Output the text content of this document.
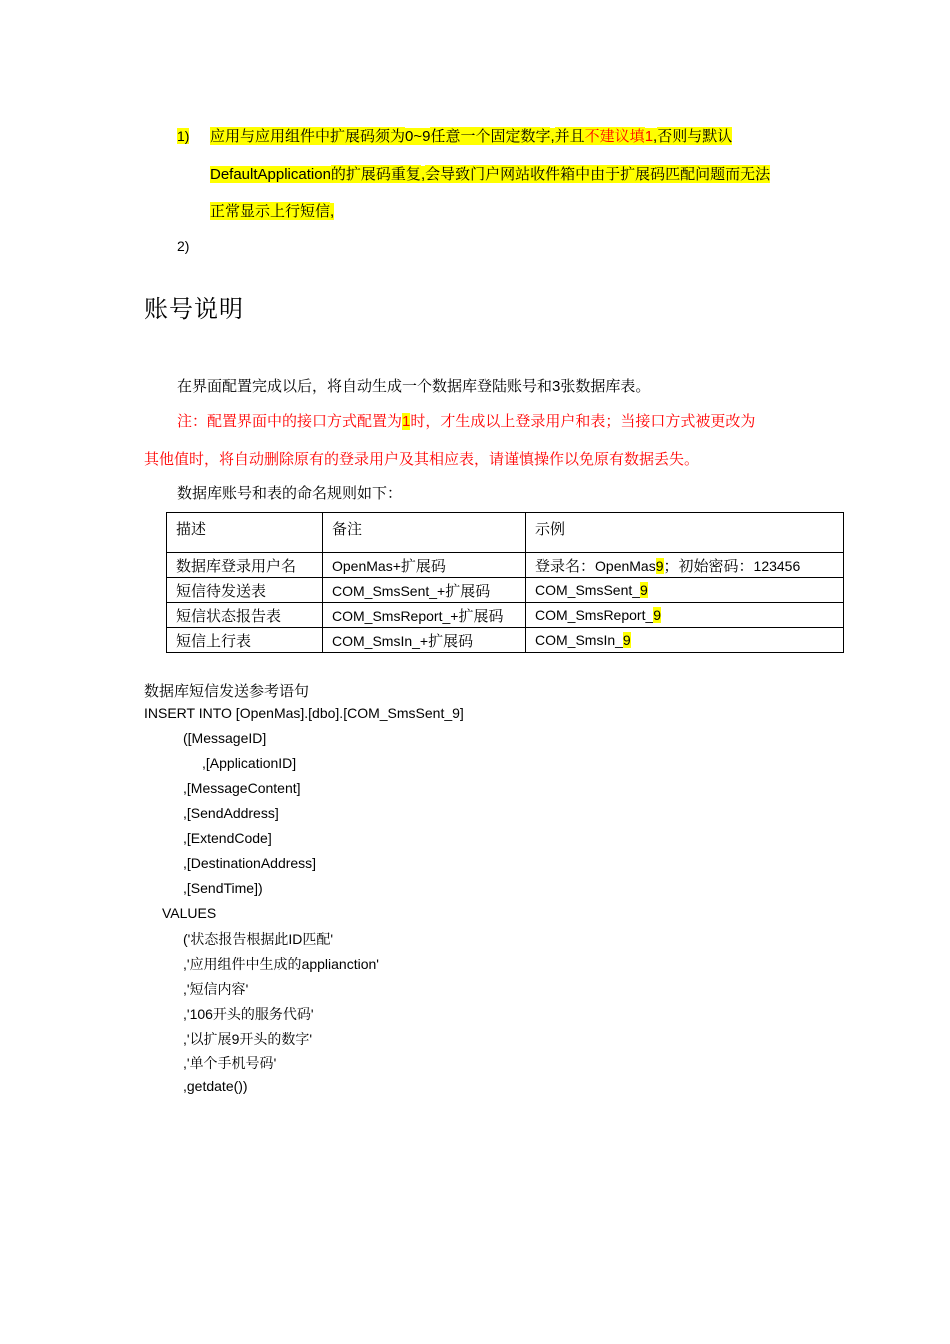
1) 应用与应用组件中扩展码须为0~9任意一个固定数字,并且不建议填1,否则与默认
DefaultApplication的扩展码重复,会导致门户网站收件箱中由于扩展码匹配问题而无法
正常显示上行短信,
2)
账号说明
在界面配置完成以后，将自动生成一个数据库登陆账号和3张数据库表。
注：配置界面中的接口方式配置为1时，才生成以上登录用户和表；当接口方式被更改为
其他值时，将自动删除原有的登录用户及其相应表，请谨慎操作以免原有数据丢失。
数据库账号和表的命名规则如下：
描述	备注	示例
数据库登录用户名	OpenMas+扩展码	登录名：OpenMas9；初始密码：123456
短信待发送表	COM_SmsSent_+扩展码	COM_SmsSent_9
短信状态报告表	COM_SmsReport_+扩展码	COM_SmsReport_9
短信上行表	COM_SmsIn_+扩展码	COM_SmsIn_9
数据库短信发送参考语句
INSERT INTO [OpenMas].[dbo].[COM_SmsSent_9]
([MessageID]
,[ApplicationID]
,[MessageContent]
,[SendAddress]
,[ExtendCode]
,[DestinationAddress]
,[SendTime])
VALUES
('状态报告根据此ID匹配'
,'应用组件中生成的applianction'
,'短信内容'
,'106开头的服务代码'
,'以扩展9开头的数字'
,'单个手机号码'
,getdate())
